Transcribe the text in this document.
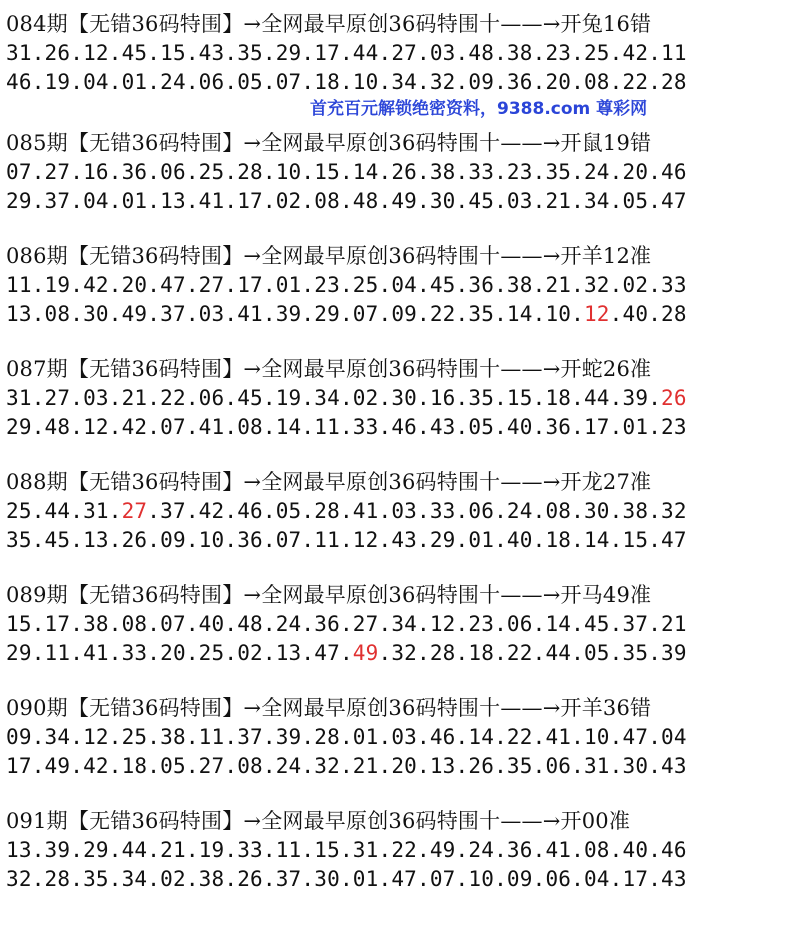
084期【无错36码特围】→全网最早原创36码特围十——→开兔16错
31.26.12.45.15.43.35.29.17.44.27.03.48.38.23.25.42.11
46.19.04.01.24.06.05.07.18.10.34.32.09.36.20.08.22.28
085期【无错36码特围】→全网最早原创36码特围十——→开鼠19错
07.27.16.36.06.25.28.10.15.14.26.38.33.23.35.24.20.46
29.37.04.01.13.41.17.02.08.48.49.30.45.03.21.34.05.47
086期【无错36码特围】→全网最早原创36码特围十——→开羊12准
11.19.42.20.47.27.17.01.23.25.04.45.36.38.21.32.02.33
13.08.30.49.37.03.41.39.29.07.09.22.35.14.10.12.40.28
087期【无错36码特围】→全网最早原创36码特围十——→开蛇26准
31.27.03.21.22.06.45.19.34.02.30.16.35.15.18.44.39.26
29.48.12.42.07.41.08.14.11.33.46.43.05.40.36.17.01.23
088期【无错36码特围】→全网最早原创36码特围十——→开龙27准
25.44.31.27.37.42.46.05.28.41.03.33.06.24.08.30.38.32
35.45.13.26.09.10.36.07.11.12.43.29.01.40.18.14.15.47
089期【无错36码特围】→全网最早原创36码特围十——→开马49准
15.17.38.08.07.40.48.24.36.27.34.12.23.06.14.45.37.21
29.11.41.33.20.25.02.13.47.49.32.28.18.22.44.05.35.39
090期【无错36码特围】→全网最早原创36码特围十——→开羊36错
09.34.12.25.38.11.37.39.28.01.03.46.14.22.41.10.47.04
17.49.42.18.05.27.08.24.32.21.20.13.26.35.06.31.30.43
091期【无错36码特围】→全网最早原创36码特围十——→开00准
13.39.29.44.21.19.33.11.15.31.22.49.24.36.41.08.40.46
32.28.35.34.02.38.26.37.30.01.47.07.10.09.06.04.17.43
首充百元解锁绝密资料，9388.com 尊彩网
